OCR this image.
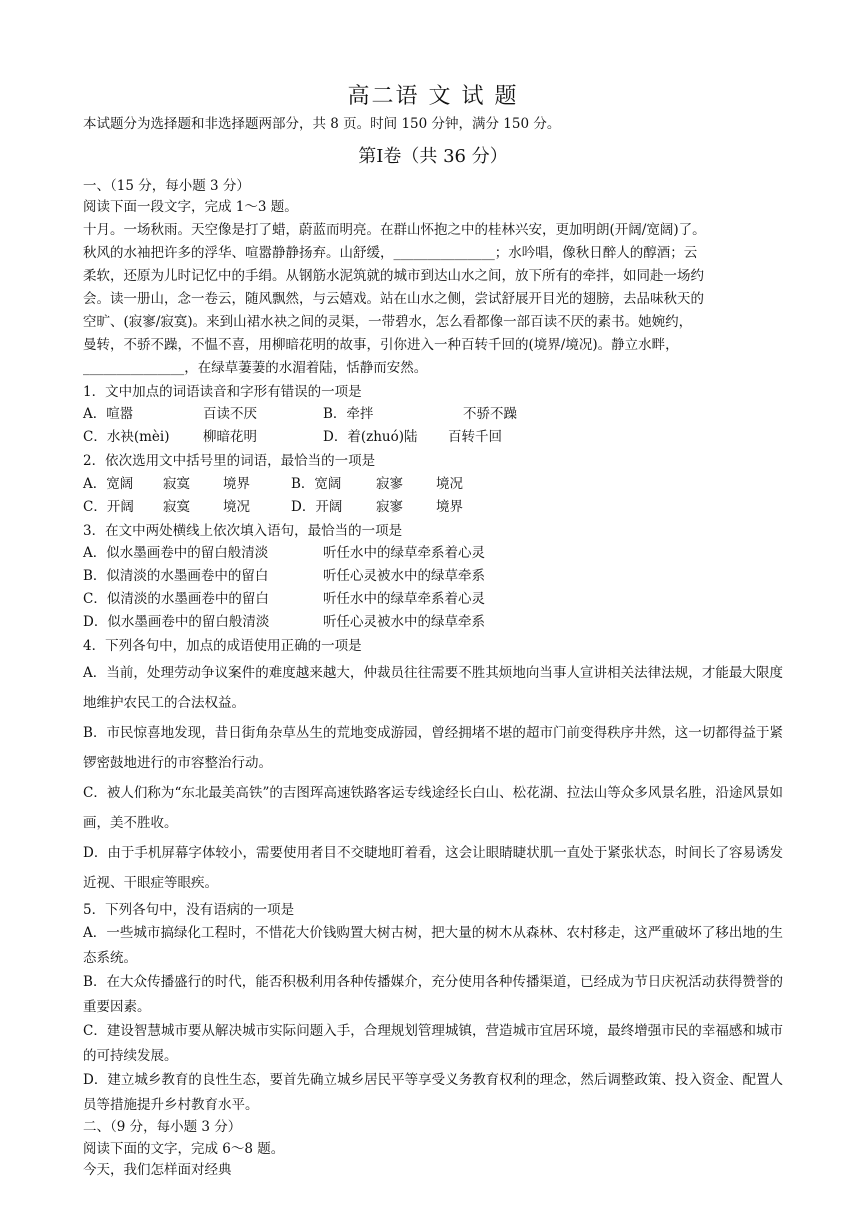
高二语 文 试 题
本试题分为选择题和非选择题两部分，共 8 页。时间 150 分钟，满分 150 分。
第Ⅰ卷（共 36 分）
一、（15 分，每小题 3 分）
阅读下面一段文字，完成 1～3 题。
十月。一场秋雨。天空像是打了蜡，蔚蓝而明亮。在群山怀抱之中的桂林兴安，更加明朗(开阔/宽阔)了。
秋风的水袖把许多的浮华、喧嚣静静扬弃。山舒缓，_______________；水吟唱，像秋日醉人的醇酒；云
柔软，还原为儿时记忆中的手绢。从钢筋水泥筑就的城市到达山水之间，放下所有的牵拌，如同赴一场约
会。读一册山，念一卷云，随风飘然，与云嬉戏。站在山水之侧，尝试舒展开目光的翅膀，去品味秋天的
空旷、(寂寥/寂寞)。来到山裙水袂之间的灵渠，一带碧水，怎么看都像一部百读不厌的素书。她婉约，
曼转，不骄不躁，不愠不喜，用柳暗花明的故事，引你进入一种百转千回的(境界/境况)。静立水畔，
_______________，在绿草萋萋的水湄着陆，恬静而安然。
1．文中加点的词语读音和字形有错误的一项是
A．喧嚣	百读不厌	B．牵拌	不骄不躁
C．水袂(mèi)	柳暗花明	D．着(zhuó)陆	百转千回
2．依次选用文中括号里的词语，最恰当的一项是
A．宽阔	寂寞	境界	B．宽阔	寂寥	境况
C．开阔	寂寞	境况	D．开阔	寂寥	境界
3．在文中两处横线上依次填入语句，最恰当的一项是
A．似水墨画卷中的留白般清淡	听任水中的绿草牵系着心灵
B．似清淡的水墨画卷中的留白	听任心灵被水中的绿草牵系
C．似清淡的水墨画卷中的留白	听任水中的绿草牵系着心灵
D．似水墨画卷中的留白般清淡	听任心灵被水中的绿草牵系
4．下列各句中，加点的成语使用正确的一项是
A．当前，处理劳动争议案件的难度越来越大，仲裁员往往需要不胜其烦地向当事人宣讲相关法律法规，才能最大限度地维护农民工的合法权益。
B．市民惊喜地发现，昔日街角杂草丛生的荒地变成游园，曾经拥堵不堪的超市门前变得秩序井然，这一切都得益于紧锣密鼓地进行的市容整治行动。
C．被人们称为“东北最美高铁”的吉图珲高速铁路客运专线途经长白山、松花湖、拉法山等众多风景名胜，沿途风景如画，美不胜收。
D．由于手机屏幕字体较小，需要使用者目不交睫地盯着看，这会让眼睛睫状肌一直处于紧张状态，时间长了容易诱发近视、干眼症等眼疾。
5．下列各句中，没有语病的一项是
A．一些城市搞绿化工程时，不惜花大价钱购置大树古树，把大量的树木从森林、农村移走，这严重破坏了移出地的生态系统。
B．在大众传播盛行的时代，能否积极利用各种传播媒介，充分使用各种传播渠道，已经成为节日庆祝活动获得赞誉的重要因素。
C．建设智慧城市要从解决城市实际问题入手，合理规划管理城镇，营造城市宜居环境，最终增强市民的幸福感和城市的可持续发展。
D．建立城乡教育的良性生态，要首先确立城乡居民平等享受义务教育权利的理念，然后调整政策、投入资金、配置人员等措施提升乡村教育水平。
二、（9 分，每小题 3 分）
阅读下面的文字，完成 6～8 题。
今天，我们怎样面对经典
